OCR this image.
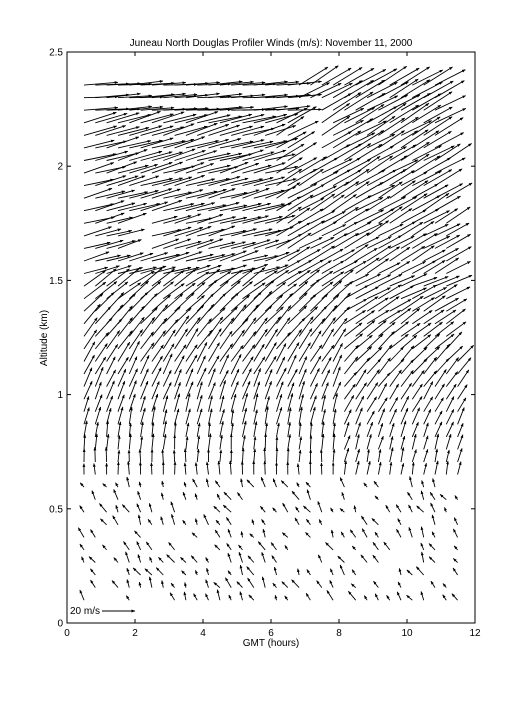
Juneau North Douglas Profiler Winds (m/s): November 11, 2000
0	2	4	6	8	10	12
0
0.5
1
1.5
2
2.5
GMT (hours)
Altitude (km)
20 m/s
